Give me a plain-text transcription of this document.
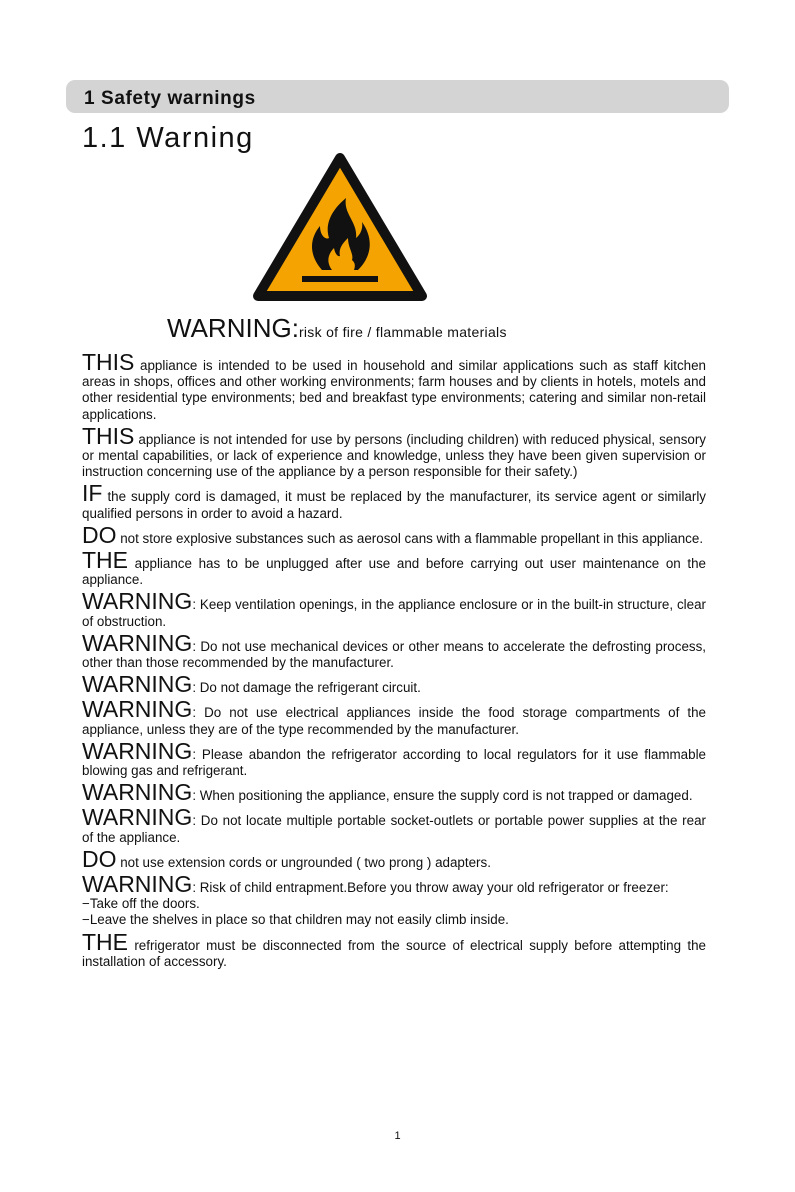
1 Safety warnings
1.1 Warning
WARNING:risk of fire / flammable materials
THIS appliance is intended to be used in household and similar applications such as staff kitchen areas in shops, offices and other working environments; farm houses and by clients in hotels, motels and other residential type environments; bed and breakfast type environments; catering and similar non-retail applications.
THIS appliance is not intended for use by persons (including children) with reduced physical, sensory or mental capabilities, or lack of experience and knowledge, unless they have been given supervision or instruction concerning use of the appliance by a person responsible for their safety.)
IF the supply cord is damaged, it must be replaced by the manufacturer, its service agent or similarly qualified persons in order to avoid a hazard.
DO not store explosive substances such as aerosol cans with a flammable propellant in this appliance.
THE appliance has to be unplugged after use and before carrying out user maintenance on the appliance.
WARNING: Keep ventilation openings, in the appliance enclosure or in the built-in structure, clear of obstruction.
WARNING: Do not use mechanical devices or other means to accelerate the defrosting process, other than those recommended by the manufacturer.
WARNING: Do not damage the refrigerant circuit.
WARNING: Do not use electrical appliances inside the food storage compartments of the appliance, unless they are of the type recommended by the manufacturer.
WARNING: Please abandon the refrigerator according to local regulators for it use flammable blowing gas and refrigerant.
WARNING: When positioning the appliance, ensure the supply cord is not trapped or damaged.
WARNING: Do not locate multiple portable socket-outlets or portable power supplies at the rear of the appliance.
DO not use extension cords or ungrounded ( two prong ) adapters.
WARNING: Risk of child entrapment.Before you throw away your old refrigerator or freezer:
−Take off the doors.
−Leave the shelves in place so that children may not easily climb inside.
THE refrigerator must be disconnected from the source of electrical supply before attempting the installation of accessory.
1
